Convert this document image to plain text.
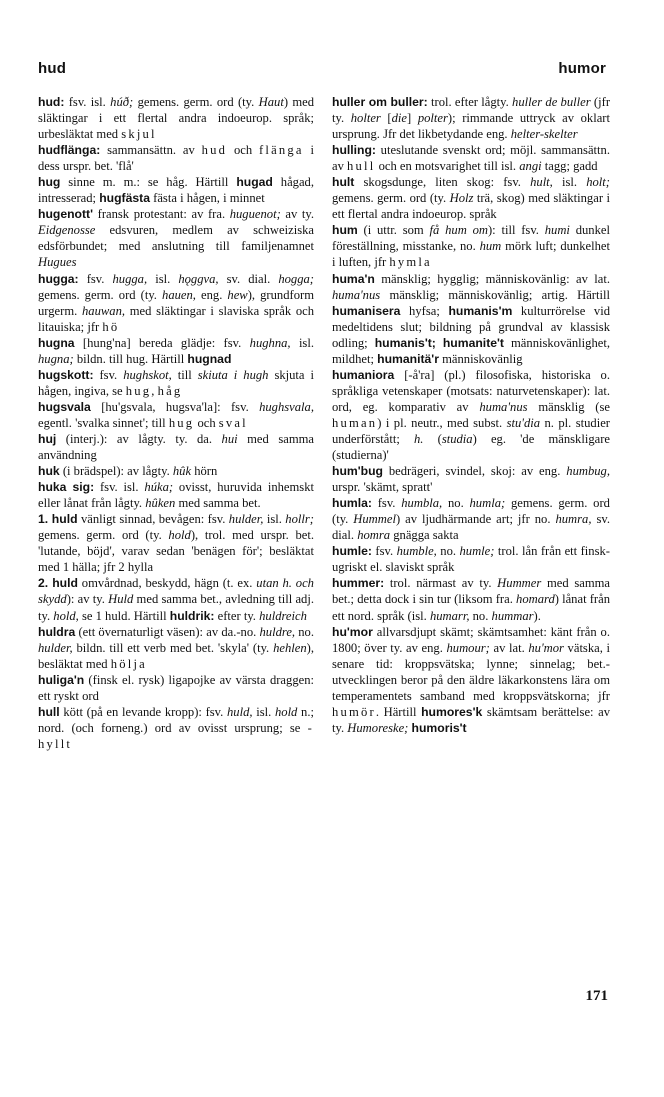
hud	humor
hud: fsv. isl. húð; gemens. germ. ord (ty. Haut) med släktingar i ett flertal andra indoeurop. språk; urbesläktat med skjul
hudflänga: sammansättn. av hud och flänga i dess urspr. bet. 'flå'
hug sinne m. m.: se håg. Härtill hugad hågad, intresserad; hugfästa fästa i hågen, i minnet
hugenott' fransk protestant: av fra. huguenot; av ty. Eidgenosse edsvuren, medlem av schweiziska edsförbundet; med anslutning till familjenamnet Hugues
hugga: fsv. hugga, isl. hǫggva, sv. dial. hogga; gemens. germ. ord (ty. hauen, eng. hew), grundform urgerm. hauwan, med släktingar i slaviska språk och litauiska; jfr hö
hugna [hung'na] bereda glädje: fsv. hughna, isl. hugna; bildn. till hug. Härtill hugnad
hugskott: fsv. hughskot, till skiuta i hugh skjuta i hågen, ingiva, se hug, håg
hugsvala [hu'gsvala, hugsva'la]: fsv. hughsvala, egentl. 'svalka sinnet'; till hug och sval
huj (interj.): av lågty. ty. da. hui med samma användning
huk (i brädspel): av lågty. hûk hörn
huka sig: fsv. isl. húka; ovisst, huruvida inhemskt eller lånat från lågty. hûken med samma bet.
1. huld vänligt sinnad, bevågen: fsv. hulder, isl. hollr; gemens. germ. ord (ty. hold), trol. med urspr. bet. 'lutande, böjd', varav sedan 'benägen för'; besläktat med 1 hälla; jfr 2 hylla
2. huld omvårdnad, beskydd, hägn (t. ex. utan h. och skydd): av ty. Huld med samma bet., avledning till adj. ty. hold, se 1 huld. Härtill huldrik: efter ty. huldreich
huldra (ett övernaturligt väsen): av da.-no. huldre, no. hulder, bildn. till ett verb med bet. 'skyla' (ty. hehlen), besläktat med hölja
huliga'n (finsk el. rysk) ligapojke av värsta draggen: ett ryskt ord
hull kött (på en levande kropp): fsv. huld, isl. hold n.; nord. (och forneng.) ord av ovisst ursprung; se -hyllt
huller om buller: trol. efter lågty. huller de buller (jfr ty. holter [die] polter); rimmande uttryck av oklart ursprung. Jfr det likbetydande eng. helter-skelter
hulling: uteslutande svenskt ord; möjl. sammansättn. av hull och en motsvarighet till isl. angi tagg; gadd
hult skogsdunge, liten skog: fsv. hult, isl. holt; gemens. germ. ord (ty. Holz trä, skog) med släktingar i ett flertal andra indoeurop. språk
hum (i uttr. som få hum om): till fsv. humi dunkel föreställning, misstanke, no. hum mörk luft; dunkelhet i luften, jfr hymla
huma'n mänsklig; hygglig; människovänlig: av lat. huma'nus mänsklig; människovänlig; artig. Härtill humanisera hyfsa; humanis'm kulturrörelse vid medeltidens slut; bildning på grundval av klassisk odling; humanis't; humanite't människovänlighet, mildhet; humanitä'r människovänlig
humaniora [-å'ra] (pl.) filosofiska, historiska o. språkliga vetenskaper (motsats: naturvetenskaper): lat. ord, eg. komparativ av huma'nus mänsklig (se human) i pl. neutr., med subst. stu'dia n. pl. studier underförstått; h. (studia) eg. 'de mänskligare (studierna)'
hum'bug bedrägeri, svindel, skoj: av eng. humbug, urspr. 'skämt, spratt'
humla: fsv. humbla, no. humla; gemens. germ. ord (ty. Hummel) av ljudhärmande art; jfr no. humra, sv. dial. homra gnägga sakta
humle: fsv. humble, no. humle; trol. lån från ett finsk-ugriskt el. slaviskt språk
hummer: trol. närmast av ty. Hummer med samma bet.; detta dock i sin tur (liksom fra. homard) lånat från ett nord. språk (isl. humarr, no. hummar).
hu'mor allvarsdjupt skämt; skämtsamhet: känt från o. 1800; över ty. av eng. humour; av lat. hu'mor vätska, i senare tid: kroppsvätska; lynne; sinnelag; bet.-utvecklingen beror på den äldre läkarkonstens lära om temperamentets samband med kroppsvätskorna; jfr humör. Härtill humores'k skämtsam berättelse: av ty. Humoreske; humoris't
171
